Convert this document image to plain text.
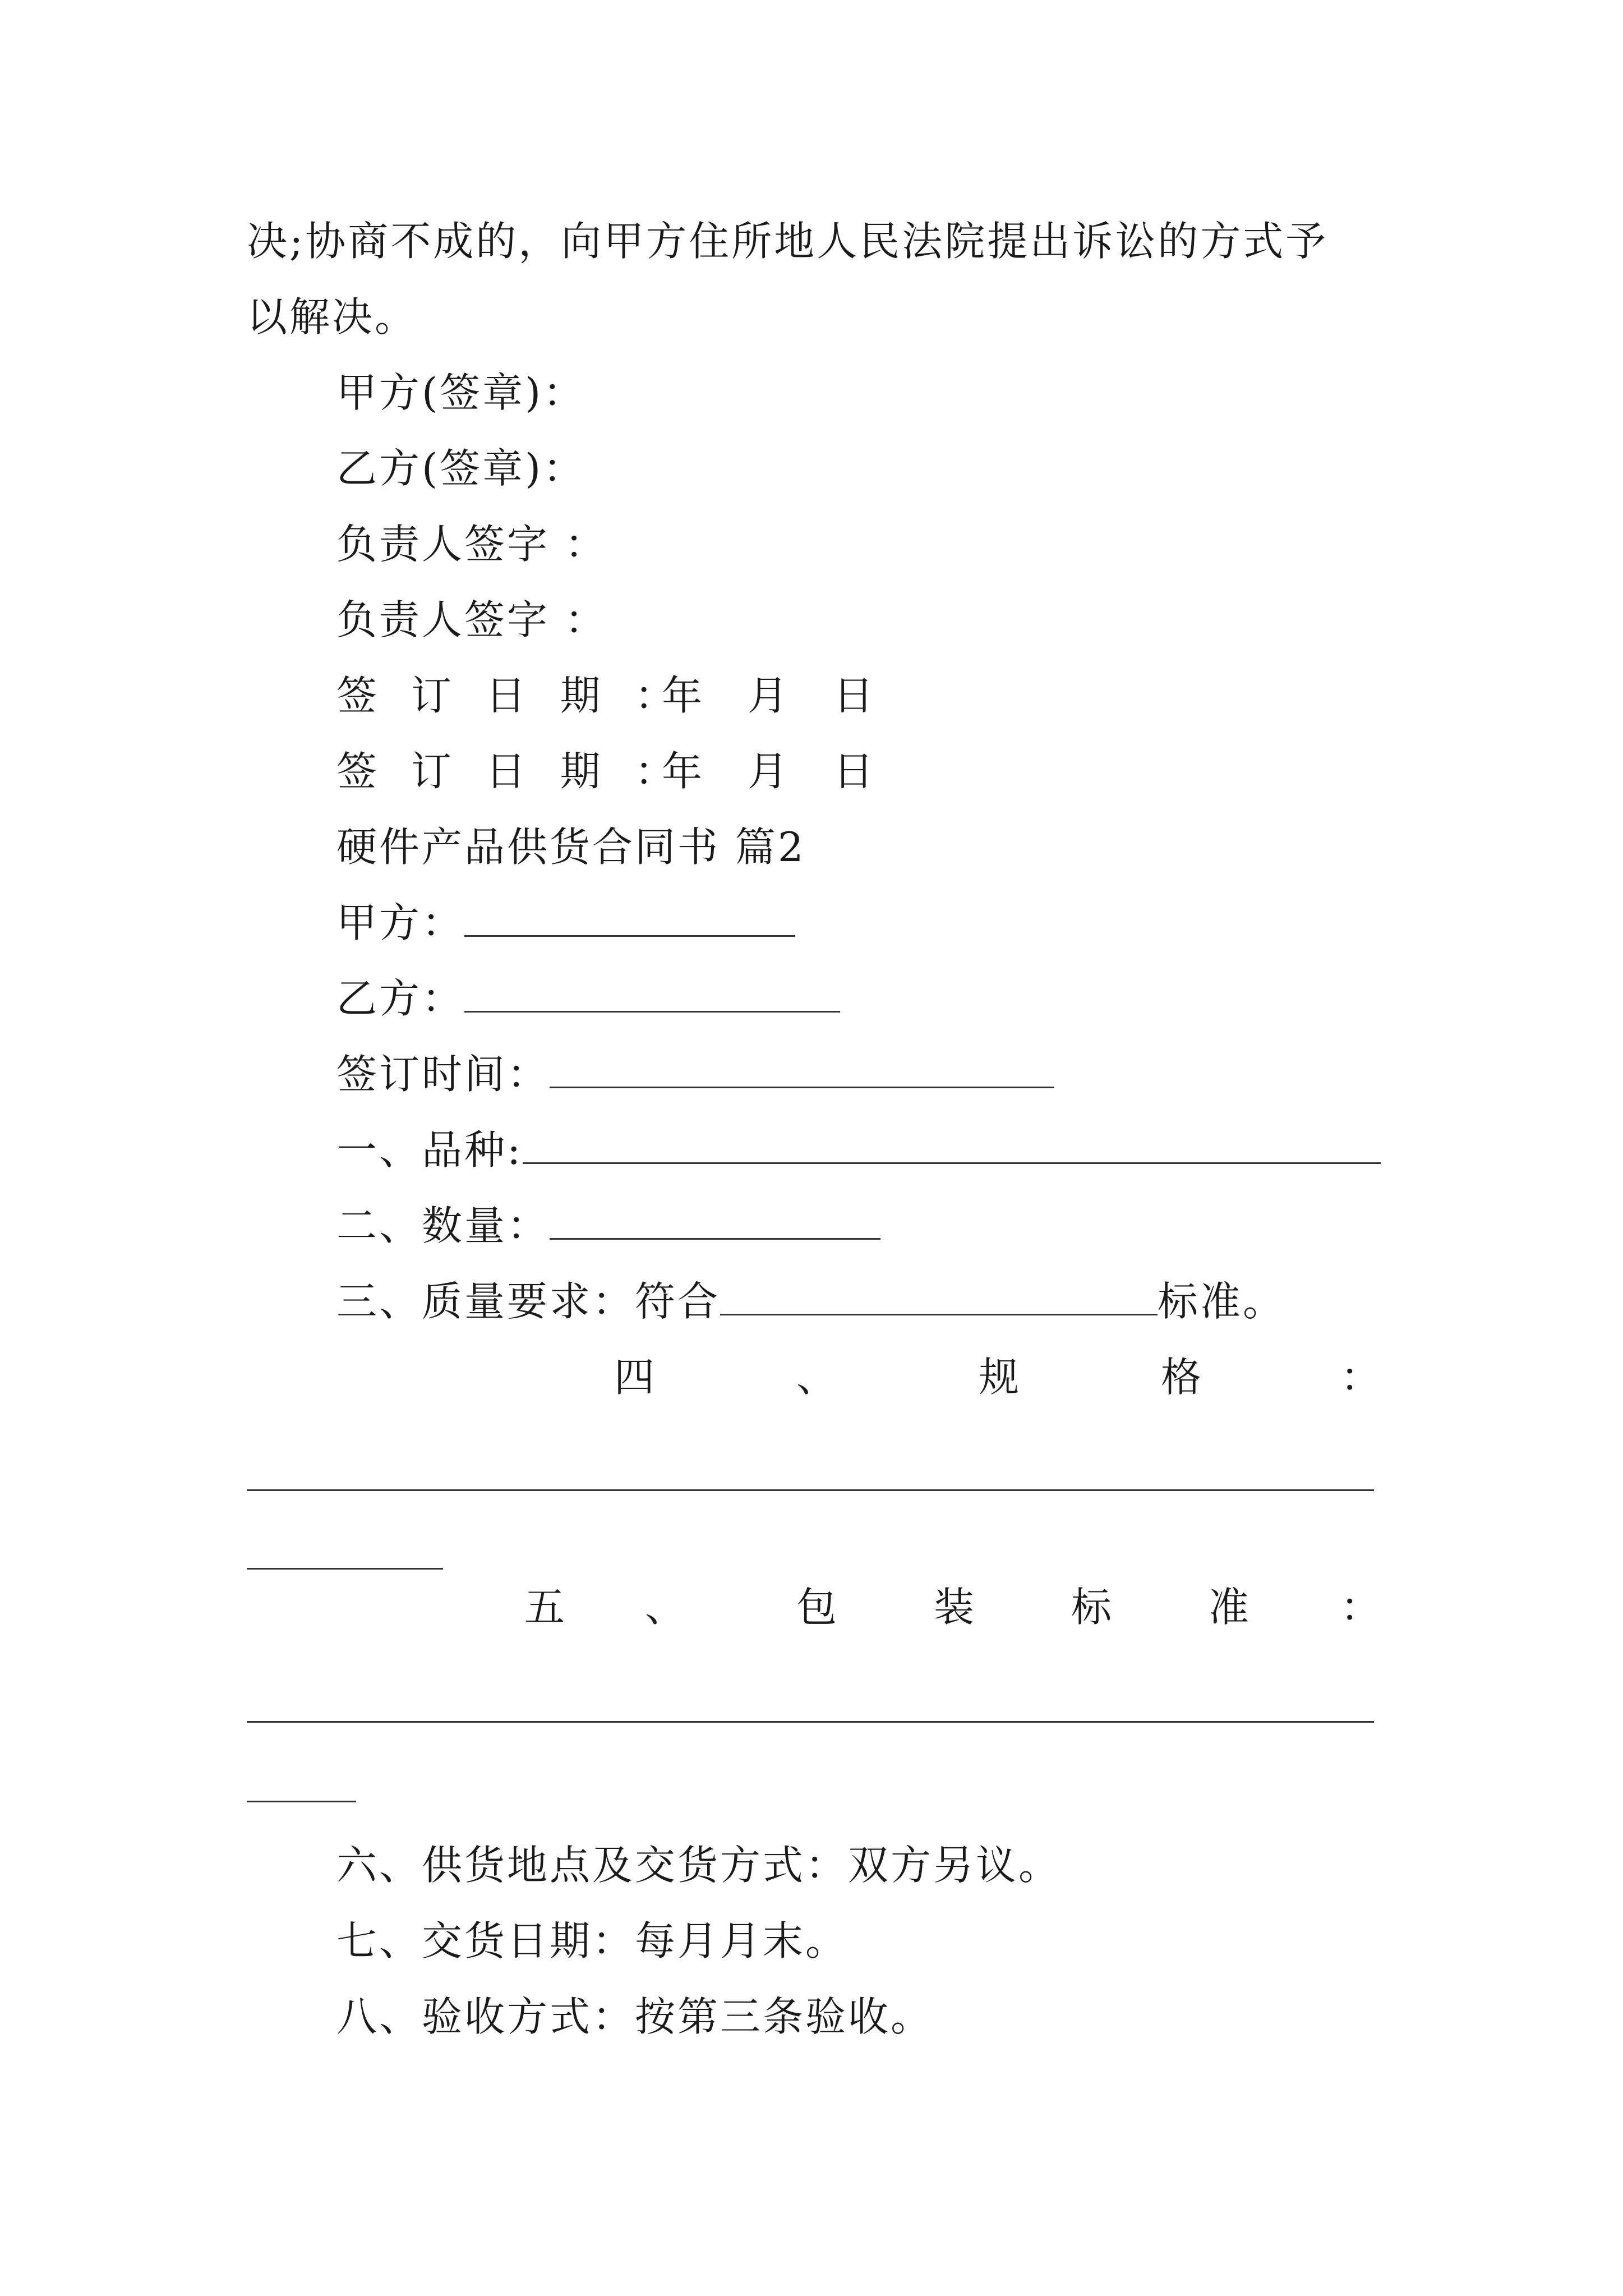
决;协商不成的，向甲方住所地人民法院提出诉讼的方式予
以解决。
甲方(签章)：
乙方(签章)：
负责人签字 ：
负责人签字 ：
签 订 日 期 ：
年 月 日
签 订 日 期 ：
年 月 日
硬件产品供货合同书 篇2
甲方：
乙方：
签订时间：
一、品种:
二、数量：
三、质量要求：符合	标准。
四	、	规	格	：
五 、	包 装 标 准 ：
六、供货地点及交货方式：双方另议。
七、交货日期：每月月末。
八、验收方式：按第三条验收。
